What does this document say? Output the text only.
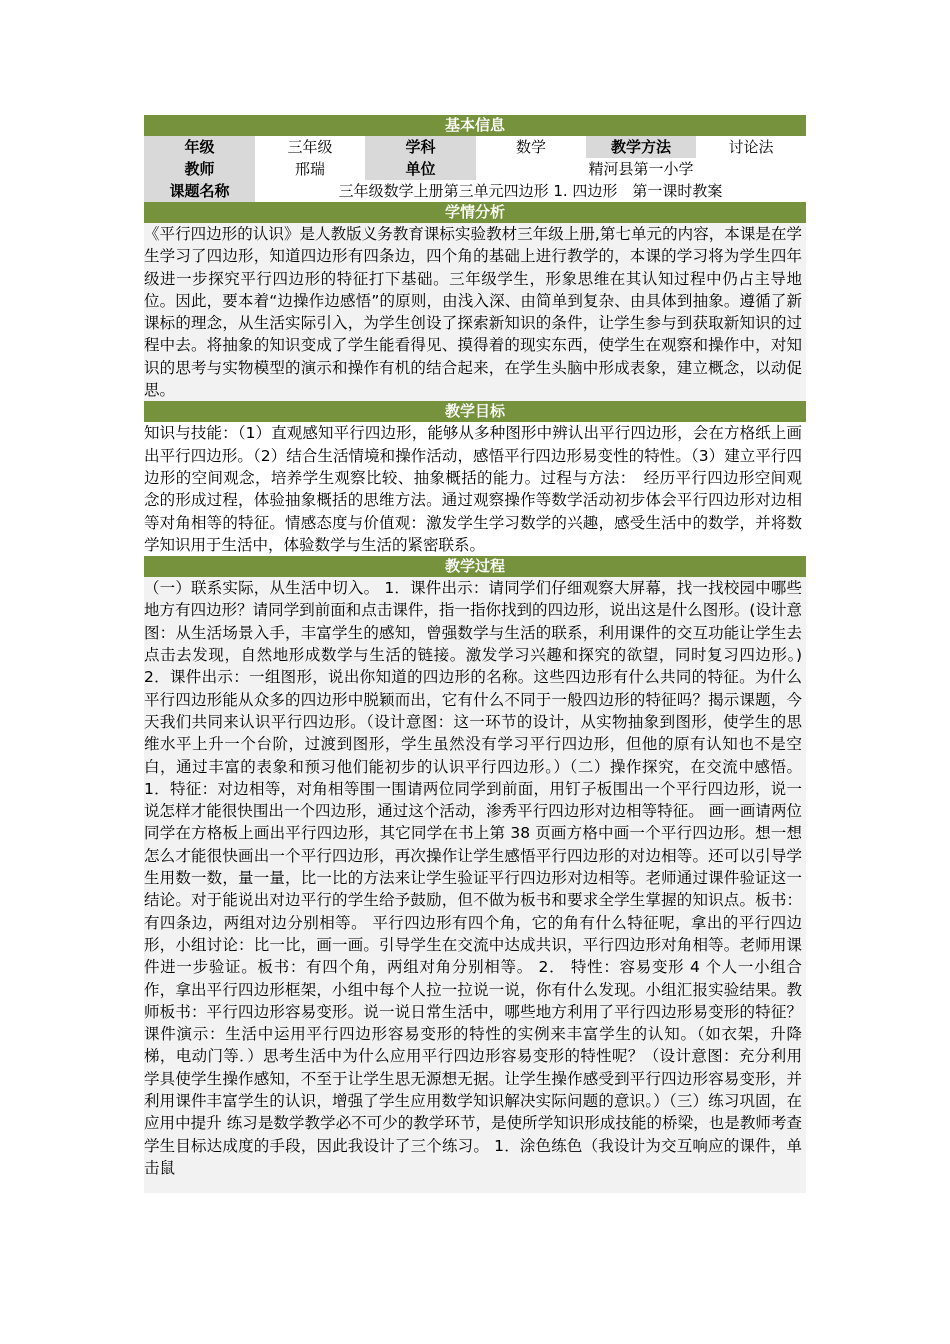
基本信息
年级	三年级	学科	数学	教学方法	讨论法
教师	邢瑞	单位	精河县第一小学
课题名称	三年级数学上册第三单元四边形 1. 四边形　第一课时教案
学情分析
《平行四边形的认识》是人教版义务教育课标实验教材三年级上册,第七单元的内容，本课是在学生学习了四边形，知道四边形有四条边，四个角的基础上进行教学的，本课的学习将为学生四年级进一步探究平行四边形的特征打下基础。三年级学生，形象思维在其认知过程中仍占主导地位。因此，要本着“边操作边感悟”的原则，由浅入深、由简单到复杂、由具体到抽象。遵循了新课标的理念，从生活实际引入，为学生创设了探索新知识的条件，让学生参与到获取新知识的过程中去。将抽象的知识变成了学生能看得见、摸得着的现实东西，使学生在观察和操作中，对知识的思考与实物模型的演示和操作有机的结合起来，在学生头脑中形成表象，建立概念，以动促思。
教学目标
知识与技能：（1）直观感知平行四边形，能够从多种图形中辨认出平行四边形，会在方格纸上画出平行四边形。（2）结合生活情境和操作活动，感悟平行四边形易变性的特性。（3）建立平行四边形的空间观念，培养学生观察比较、抽象概括的能力。过程与方法：　经历平行四边形空间观念的形成过程，体验抽象概括的思维方法。通过观察操作等数学活动初步体会平行四边形对边相等对角相等的特征。情感态度与价值观：激发学生学习数学的兴趣，感受生活中的数学，并将数学知识用于生活中，体验数学与生活的紧密联系。
教学过程
（一）联系实际，从生活中切入。 1．课件出示：请同学们仔细观察大屏幕，找一找校园中哪些地方有四边形？请同学到前面和点击课件，指一指你找到的四边形，说出这是什么图形。(设计意图：从生活场景入手，丰富学生的感知，曾强数学与生活的联系，利用课件的交互功能让学生去点击去发现，自然地形成数学与生活的链接。激发学习兴趣和探究的欲望，同时复习四边形。) 2．课件出示：一组图形，说出你知道的四边形的名称。这些四边形有什么共同的特征。为什么平行四边形能从众多的四边形中脱颖而出，它有什么不同于一般四边形的特征吗？揭示课题，今天我们共同来认识平行四边形。（设计意图：这一环节的设计，从实物抽象到图形，使学生的思维水平上升一个台阶，过渡到图形，学生虽然没有学习平行四边形，但他的原有认知也不是空白，通过丰富的表象和预习他们能初步的认识平行四边形。）（二）操作探究，在交流中感悟。 1．特征：对边相等，对角相等围一围请两位同学到前面，用钉子板围出一个平行四边形，说一说怎样才能很快围出一个四边形，通过这个活动，渗秀平行四边形对边相等特征。 画一画请两位同学在方格板上画出平行四边形，其它同学在书上第 38 页画方格中画一个平行四边形。想一想怎么才能很快画出一个平行四边形，再次操作让学生感悟平行四边形的对边相等。还可以引导学生用数一数，量一量，比一比的方法来让学生验证平行四边形对边相等。老师通过课件验证这一结论。对于能说出对边平行的学生给予鼓励，但不做为板书和要求全学生掌握的知识点。板书：有四条边，两组对边分别相等。 平行四边形有四个角，它的角有什么特征呢，拿出的平行四边形，小组讨论：比一比，画一画。引导学生在交流中达成共识，平行四边形对角相等。老师用课件进一步验证。板书：有四个角，两组对角分别相等。 2． 特性：容易变形 4 个人一小组合作，拿出平行四边形框架，小组中每个人拉一拉说一说，你有什么发现。小组汇报实验结果。教师板书：平行四边形容易变形。说一说日常生活中，哪些地方利用了平行四边形易变形的特征？课件演示：生活中运用平行四边形容易变形的特性的实例来丰富学生的认知。（如衣架，升降梯，电动门等．）思考生活中为什么应用平行四边形容易变形的特性呢？（设计意图：充分利用学具使学生操作感知，不至于让学生思无源想无据。让学生操作感受到平行四边形容易变形，并利用课件丰富学生的认识，增强了学生应用数学知识解决实际问题的意识。）（三）练习巩固，在应用中提升 练习是数学教学必不可少的教学环节，是使所学知识形成技能的桥梁，也是教师考查学生目标达成度的手段，因此我设计了三个练习。 1．涂色练色（我设计为交互响应的课件，单击鼠
